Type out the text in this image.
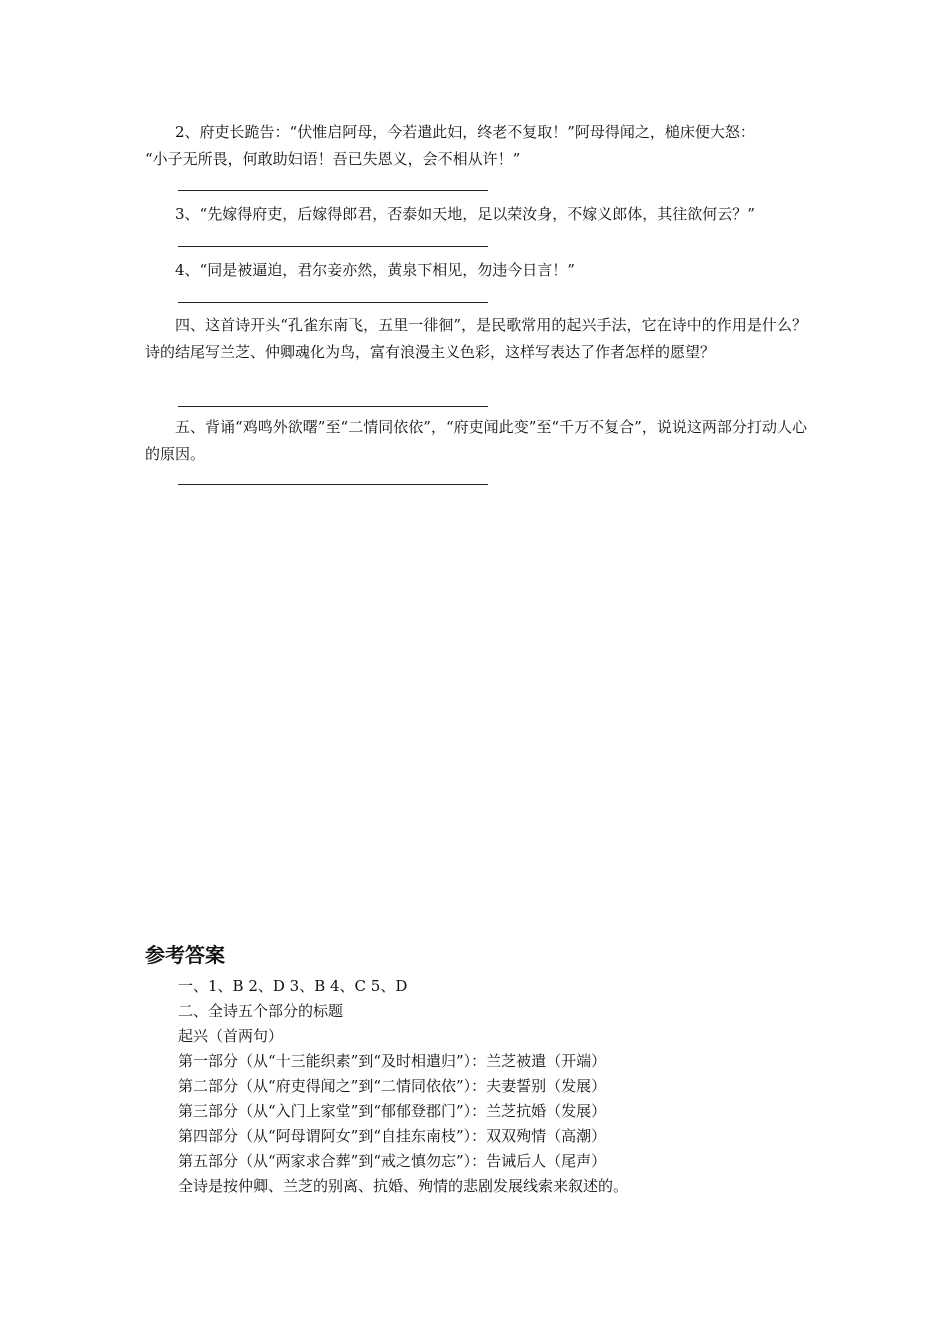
2、府吏长跪告：“伏惟启阿母，今若遣此妇，终老不复取！”阿母得闻之，槌床便大怒：

“小子无所畏，何敢助妇语！吾已失恩义，会不相从许！”

3、“先嫁得府吏，后嫁得郎君，否泰如天地，足以荣汝身，不嫁义郎体，其往欲何云？”

4、“同是被逼迫，君尔妾亦然，黄泉下相见，勿违今日言！”

四、这首诗开头“孔雀东南飞，五里一徘徊”，是民歌常用的起兴手法，它在诗中的作用是什么？诗的结尾写兰芝、仲卿魂化为鸟，富有浪漫主义色彩，这样写表达了作者怎样的愿望？

五、背诵“鸡鸣外欲曙”至“二情同依依”，“府吏闻此变”至“千万不复合”，说说这两部分打动人心的原因。

参考答案

一、1、B 2、D 3、B 4、C 5、D

二、全诗五个部分的标题

起兴（首两句）

第一部分（从“十三能织素”到“及时相遣归”）：兰芝被遣（开端）

第二部分（从“府吏得闻之”到“二情同依依”）：夫妻誓别（发展）

第三部分（从“入门上家堂”到“郁郁登郡门”）：兰芝抗婚（发展）

第四部分（从“阿母谓阿女”到“自挂东南枝”）：双双殉情（高潮）

第五部分（从“两家求合葬”到“戒之慎勿忘”）：告诫后人（尾声）

全诗是按仲卿、兰芝的别离、抗婚、殉情的悲剧发展线索来叙述的。
